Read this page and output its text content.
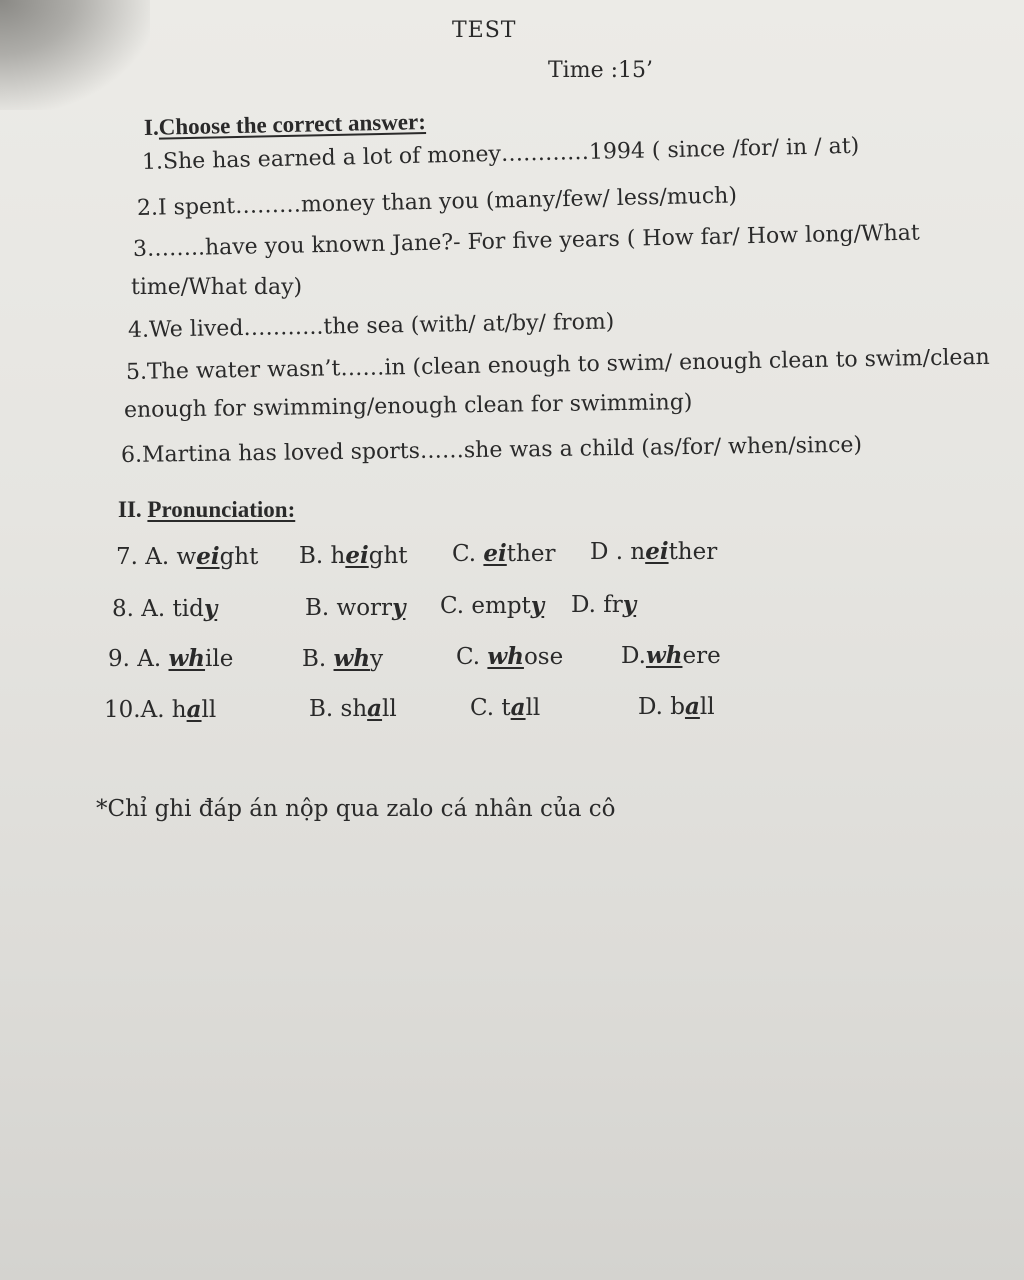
TEST
Time :15’
I.Choose the correct answer:
1.She has earned a lot of money…………1994 ( since /for/ in / at)
2.I spent………money than you (many/few/ less/much)
3……..have you known Jane?- For five years ( How far/ How long/What
time/What day)
4.We lived………..the sea (with/ at/by/ from)
5.The water wasn’t……in (clean enough to swim/ enough clean to swim/clean
enough for swimming/enough clean for swimming)
6.Martina has loved sports……she was a child (as/for/ when/since)
II. Pronunciation:
7. A. weight B. height C. either D . neither
8. A. tidy	B. worry C. empty D. fry
9. A. while	B. why	C. whose	D.where
10.A. hall	B. shall	C. tall	D. ball
*Chỉ ghi đáp án nộp qua zalo cá nhân của cô
